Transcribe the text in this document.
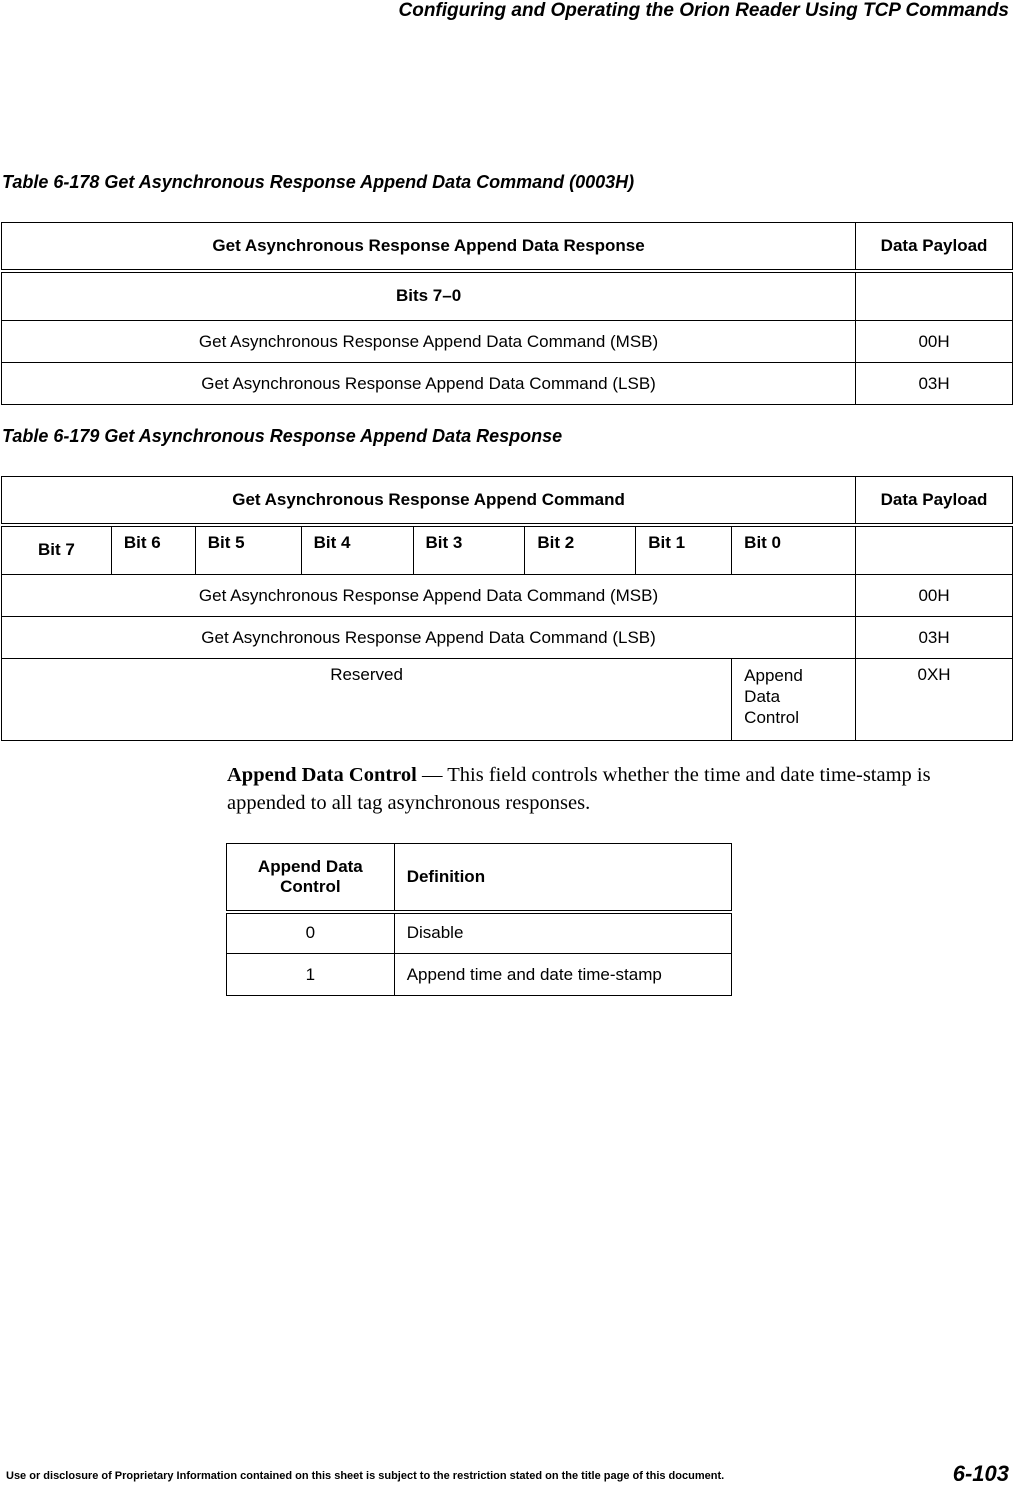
Configuring and Operating the Orion Reader Using TCP Commands
Table 6-178 Get Asynchronous Response Append Data Command (0003H)
Get Asynchronous Response Append Data Response	Data Payload
Bits 7–0	
Get Asynchronous Response Append Data Command (MSB)	00H
Get Asynchronous Response Append Data Command (LSB)	03H
Table 6-179 Get Asynchronous Response Append Data Response
Get Asynchronous Response Append Command								Data Payload
Bit 7	Bit 6	Bit 5	Bit 4	Bit 3	Bit 2	Bit 1	Bit 0	
Get Asynchronous Response Append Data Command (MSB)								00H
Get Asynchronous Response Append Data Command (LSB)								03H
Reserved							Append
Data
Control	0XH
Append Data Control — This field controls whether the time and date time-stamp is
appended to all tag asynchronous responses.
Append Data
Control	Definition
0	Disable
1	Append time and date time-stamp
Use or disclosure of Proprietary Information contained on this sheet is subject to the restriction stated on the title page of this document.	6-103
